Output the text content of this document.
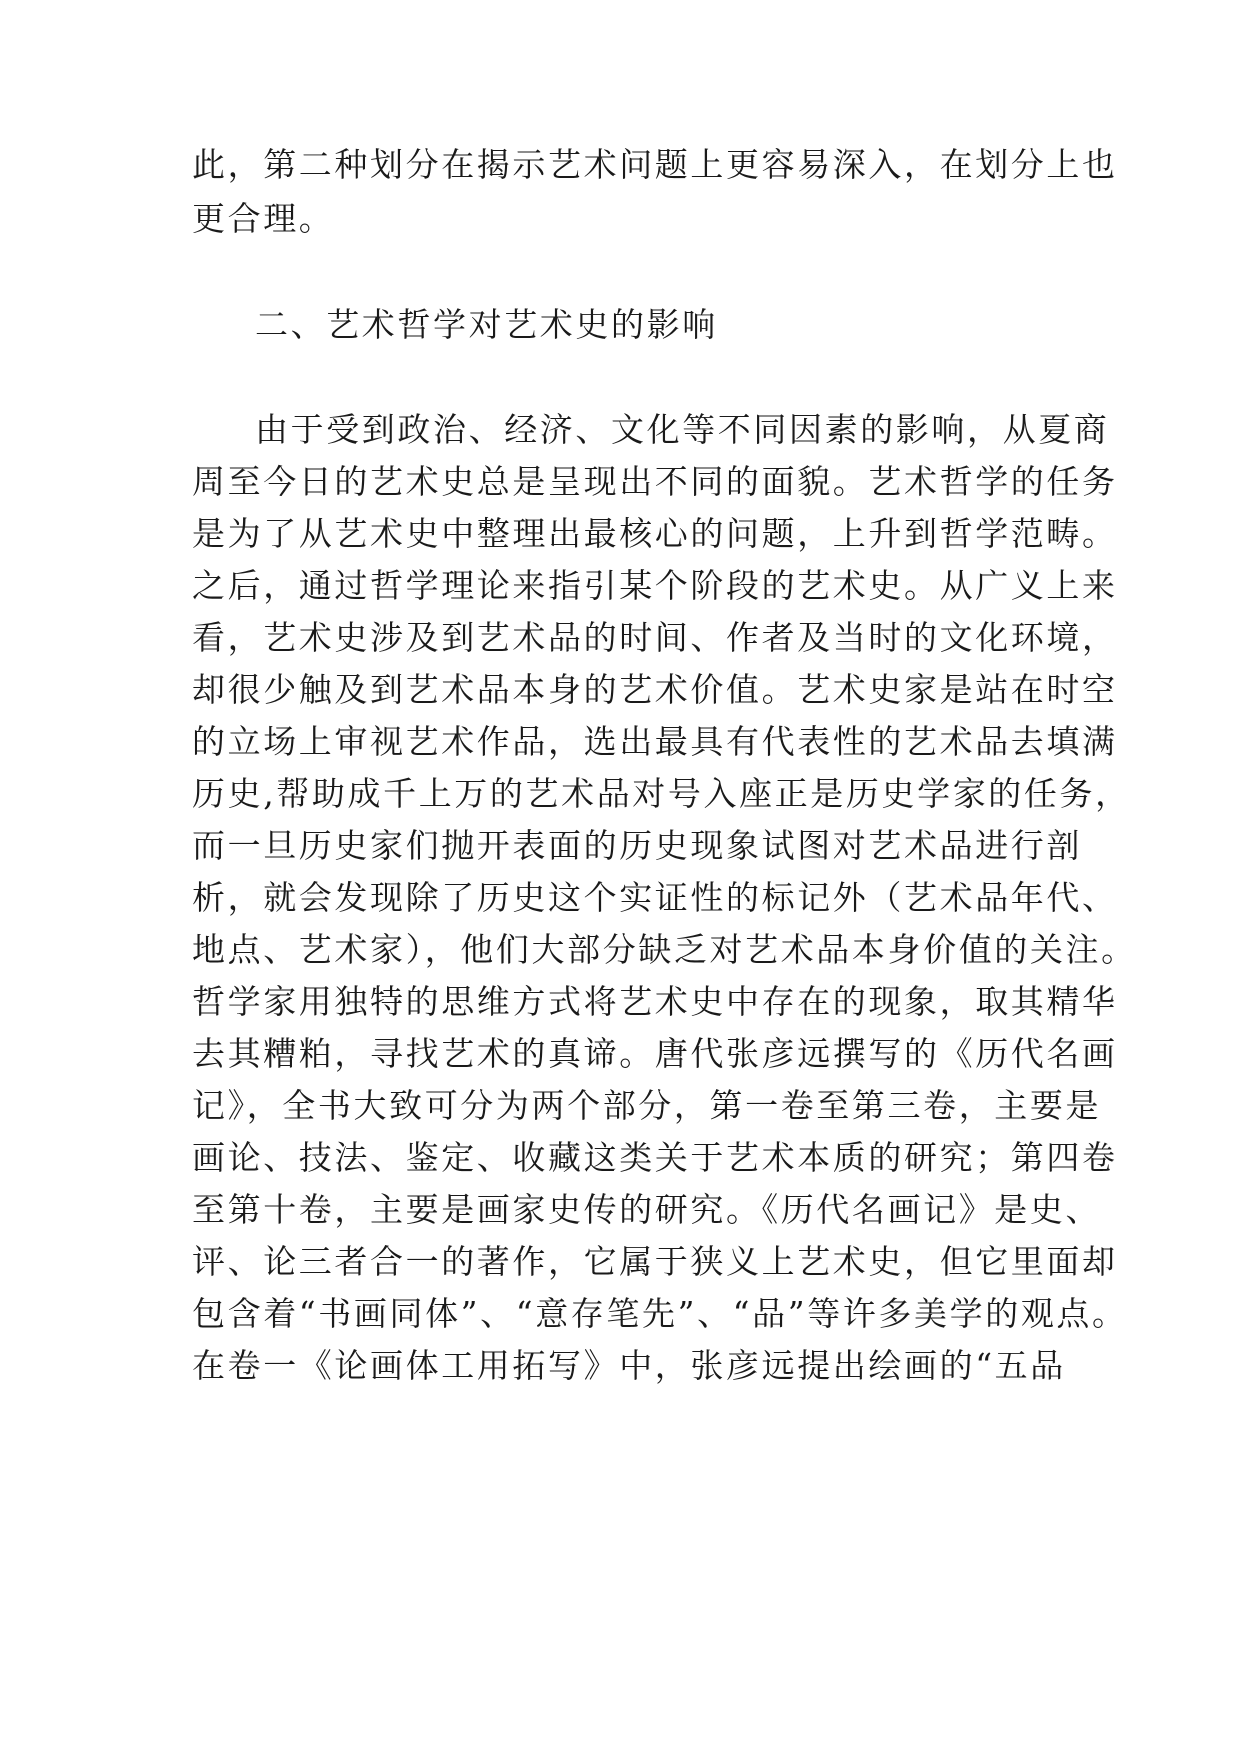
此，第二种划分在揭示艺术问题上更容易深入，在划分上也
更合理。
二、艺术哲学对艺术史的影响
由于受到政治、经济、文化等不同因素的影响，从夏商
周至今日的艺术史总是呈现出不同的面貌。艺术哲学的任务
是为了从艺术史中整理出最核心的问题，上升到哲学范畴。
之后，通过哲学理论来指引某个阶段的艺术史。从广义上来
看，艺术史涉及到艺术品的时间、作者及当时的文化环境，
却很少触及到艺术品本身的艺术价值。艺术史家是站在时空
的立场上审视艺术作品，选出最具有代表性的艺术品去填满
历史,帮助成千上万的艺术品对号入座正是历史学家的任务，
而一旦历史家们抛开表面的历史现象试图对艺术品进行剖
析，就会发现除了历史这个实证性的标记外（艺术品年代、
地点、艺术家），他们大部分缺乏对艺术品本身价值的关注。
哲学家用独特的思维方式将艺术史中存在的现象，取其精华
去其糟粕，寻找艺术的真谛。唐代张彦远撰写的《历代名画
记》，全书大致可分为两个部分，第一卷至第三卷，主要是
画论、技法、鉴定、收藏这类关于艺术本质的研究；第四卷
至第十卷，主要是画家史传的研究。《历代名画记》是史、
评、论三者合一的著作，它属于狭义上艺术史，但它里面却
包含着“书画同体”、“意存笔先”、“品”等许多美学的观点。
在卷一《论画体工用拓写》中，张彦远提出绘画的“五品
